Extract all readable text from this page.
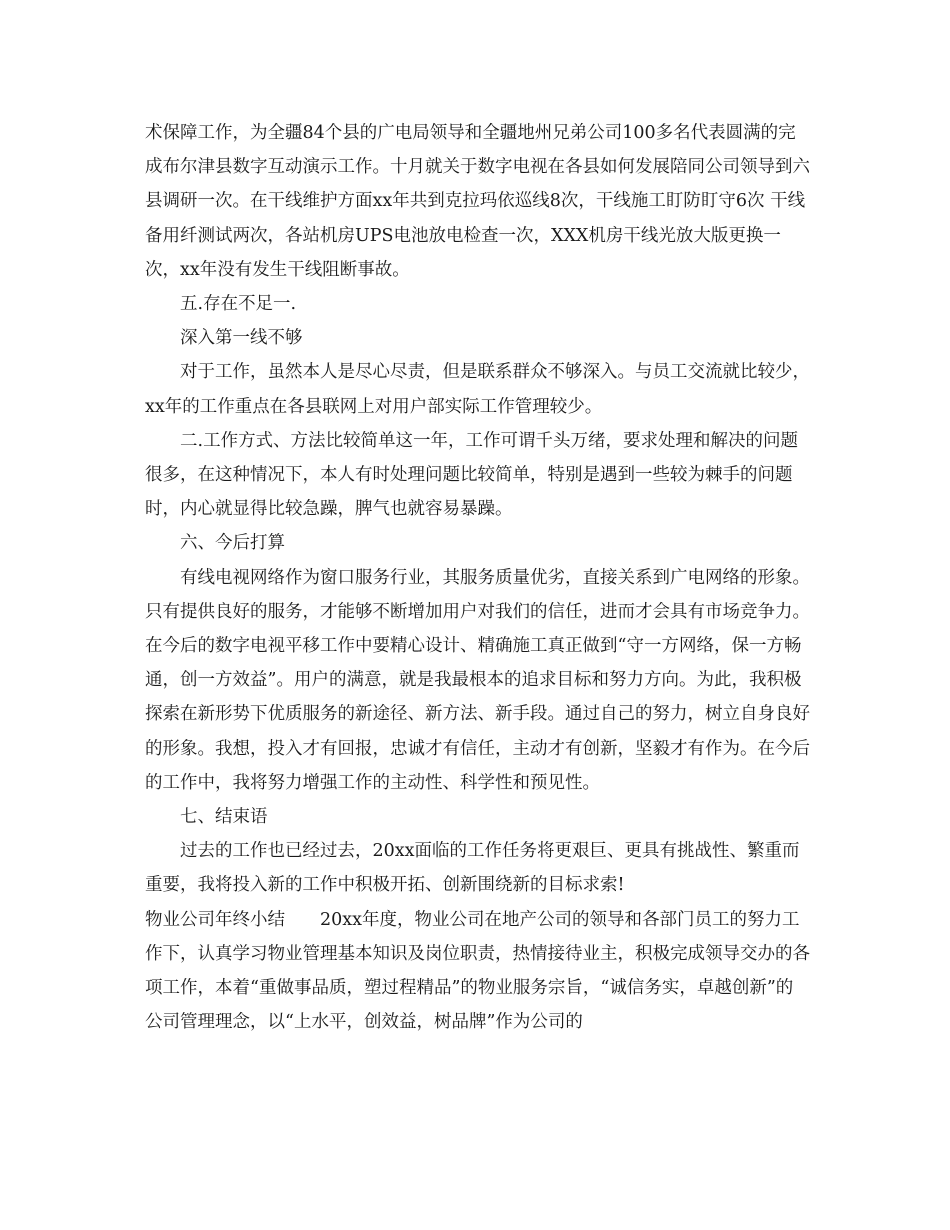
术保障工作，为全疆84个县的广电局领导和全疆地州兄弟公司100多名代表圆满的完成布尔津县数字互动演示工作。十月就关于数字电视在各县如何发展陪同公司领导到六县调研一次。在干线维护方面xx年共到克拉玛依巡线8次，干线施工盯防盯守6次 干线备用纤测试两次，各站机房UPS电池放电检查一次，XXX机房干线光放大版更换一次，xx年没有发生干线阻断事故。

五.存在不足一.

深入第一线不够

对于工作，虽然本人是尽心尽责，但是联系群众不够深入。与员工交流就比较少，xx年的工作重点在各县联网上对用户部实际工作管理较少。

二.工作方式、方法比较简单这一年，工作可谓千头万绪，要求处理和解决的问题很多，在这种情况下，本人有时处理问题比较简单，特别是遇到一些较为棘手的问题时，内心就显得比较急躁，脾气也就容易暴躁。

六、今后打算

有线电视网络作为窗口服务行业，其服务质量优劣，直接关系到广电网络的形象。只有提供良好的服务，才能够不断增加用户对我们的信任，进而才会具有市场竞争力。在今后的数字电视平移工作中要精心设计、精确施工真正做到“守一方网络，保一方畅通，创一方效益”。用户的满意，就是我最根本的追求目标和努力方向。为此，我积极探索在新形势下优质服务的新途径、新方法、新手段。通过自己的努力，树立自身良好的形象。我想，投入才有回报，忠诚才有信任，主动才有创新，坚毅才有作为。在今后的工作中，我将努力增强工作的主动性、科学性和预见性。

七、结束语

过去的工作也已经过去，20xx面临的工作任务将更艰巨、更具有挑战性、繁重而重要，我将投入新的工作中积极开拓、创新围绕新的目标求索!

物业公司年终小结　　20xx年度，物业公司在地产公司的领导和各部门员工的努力工作下，认真学习物业管理基本知识及岗位职责，热情接待业主，积极完成领导交办的各项工作，本着“重做事品质，塑过程精品”的物业服务宗旨，“诚信务实，卓越创新”的公司管理理念，以“上水平，创效益，树品牌”作为公司的
